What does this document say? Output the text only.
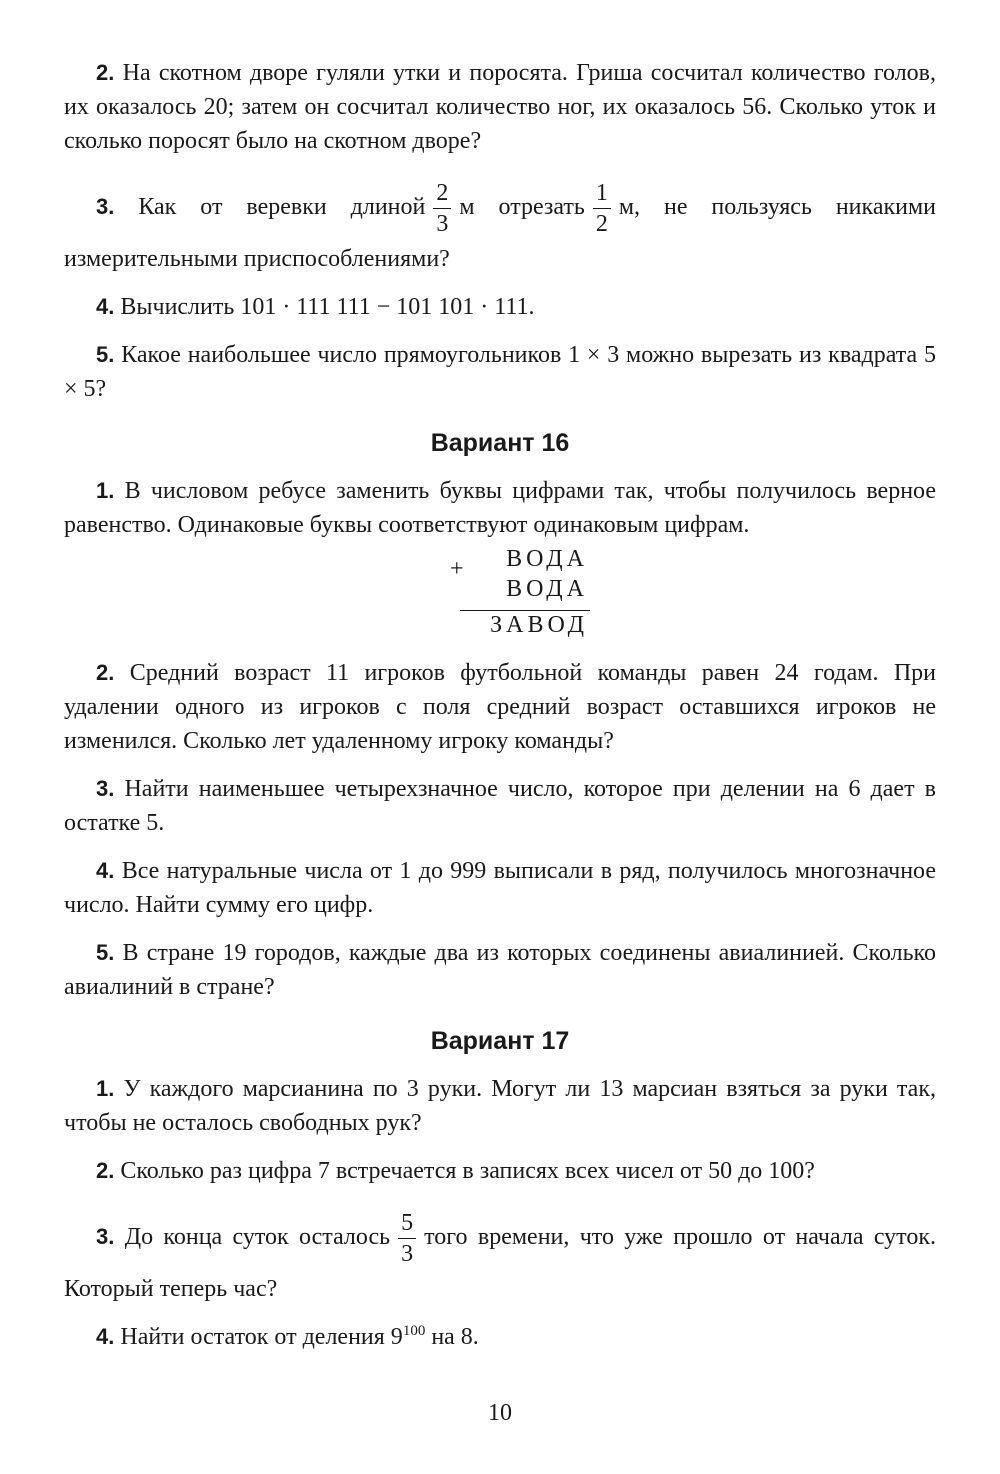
2. На скотном дворе гуляли утки и поросята. Гриша сосчитал количество голов, их оказалось 20; затем он сосчитал количество ног, их оказалось 56. Сколько уток и сколько поросят было на скотном дворе?

3. Как от веревки длиной $\frac{2}{3}$ м отрезать $\frac{1}{2} м$, не пользуясь никакими измерительными приспособлениями?

4. Вычислить 101 · 111 111 − 101 101 · 111.

5. Какое наибольшее число прямоугольников 1 × 3 можно вырезать из квадрата 5 × 5?

Вариант 16

1. В числовом ребусе заменить буквы цифрами так, чтобы получилось верное равенство. Одинаковые буквы соответствуют одинаковым цифрам.

+ ВОДА
ВОДА
ЗАВОД

2. Средний возраст 11 игроков футбольной команды равен 24 годам. При удалении одного из игроков с поля средний возраст оставшихся игроков не изменился. Сколько лет удаленному игроку команды?

3. Найти наименьшее четырехзначное число, которое при делении на 6 дает в остатке 5.

4. Все натуральные числа от 1 до 999 выписали в ряд, получилось многозначное число. Найти сумму его цифр.

5. В стране 19 городов, каждые два из которых соединены авиалинией. Сколько авиалиний в стране?

Вариант 17

1. У каждого марсианина по 3 руки. Могут ли 13 марсиан взяться за руки так, чтобы не осталось свободных рук?

2. Сколько раз цифра 7 встречается в записях всех чисел от 50 до 100?

3. До конца суток осталось $\frac{5}{3}$ того времени, что уже прошло от начала суток. Который теперь час?

4. Найти остаток от деления $9^{100}$ на 8.

10
